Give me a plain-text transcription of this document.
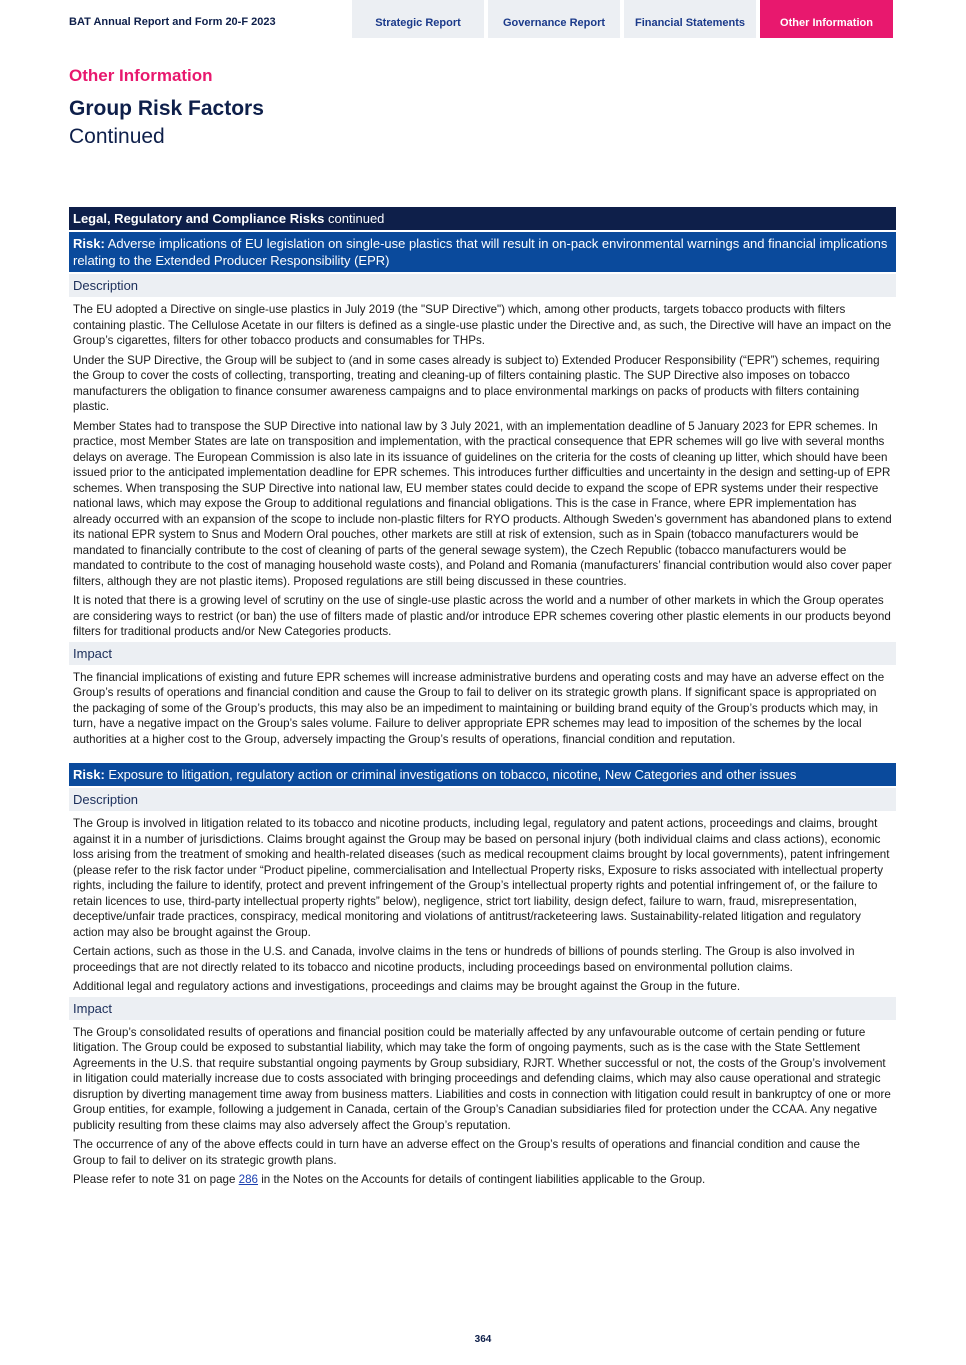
BAT Annual Report and Form 20-F 2023	Strategic Report	Governance Report	Financial Statements	Other Information
Other Information
Group Risk Factors
Continued
Legal, Regulatory and Compliance Risks continued
Risk: Adverse implications of EU legislation on single-use plastics that will result in on-pack environmental warnings and financial implications relating to the Extended Producer Responsibility (EPR)
Description

The EU adopted a Directive on single-use plastics in July 2019 (the "SUP Directive") which, among other products, targets tobacco products with filters containing plastic. The Cellulose Acetate in our filters is defined as a single-use plastic under the Directive and, as such, the Directive will have an impact on the Group’s cigarettes, filters for other tobacco products and consumables for THPs.

Under the SUP Directive, the Group will be subject to (and in some cases already is subject to) Extended Producer Responsibility (“EPR”) schemes, requiring the Group to cover the costs of collecting, transporting, treating and cleaning-up of filters containing plastic. The SUP Directive also imposes on tobacco manufacturers the obligation to finance consumer awareness campaigns and to place environmental markings on packs of products with filters containing plastic.

Member States had to transpose the SUP Directive into national law by 3 July 2021, with an implementation deadline of 5 January 2023 for EPR schemes. In practice, most Member States are late on transposition and implementation, with the practical consequence that EPR schemes will go live with several months delays on average. The European Commission is also late in its issuance of guidelines on the criteria for the costs of cleaning up litter, which should have been issued prior to the anticipated implementation deadline for EPR schemes. This introduces further difficulties and uncertainty in the design and setting-up of EPR schemes. When transposing the SUP Directive into national law, EU member states could decide to expand the scope of EPR systems under their respective national laws, which may expose the Group to additional regulations and financial obligations. This is the case in France, where EPR implementation has already occurred with an expansion of the scope to include non-plastic filters for RYO products. Although Sweden’s government has abandoned plans to extend its national EPR system to Snus and Modern Oral pouches, other markets are still at risk of extension, such as in Spain (tobacco manufacturers would be mandated to financially contribute to the cost of cleaning of parts of the general sewage system), the Czech Republic (tobacco manufacturers would be mandated to contribute to the cost of managing household waste costs), and Poland and Romania (manufacturers’ financial contribution would also cover paper filters, although they are not plastic items). Proposed regulations are still being discussed in these countries.

It is noted that there is a growing level of scrutiny on the use of single-use plastic across the world and a number of other markets in which the Group operates are considering ways to restrict (or ban) the use of filters made of plastic and/or introduce EPR schemes covering other plastic elements in our products beyond filters for traditional products and/or New Categories products.

Impact

The financial implications of existing and future EPR schemes will increase administrative burdens and operating costs and may have an adverse effect on the Group’s results of operations and financial condition and cause the Group to fail to deliver on its strategic growth plans. If significant space is appropriated on the packaging of some of the Group’s products, this may also be an impediment to maintaining or building brand equity of the Group’s products which may, in turn, have a negative impact on the Group’s sales volume. Failure to deliver appropriate EPR schemes may lead to imposition of the schemes by the local authorities at a higher cost to the Group, adversely impacting the Group’s results of operations, financial condition and reputation.

Risk: Exposure to litigation, regulatory action or criminal investigations on tobacco, nicotine, New Categories and other issues
Description

The Group is involved in litigation related to its tobacco and nicotine products, including legal, regulatory and patent actions, proceedings and claims, brought against it in a number of jurisdictions. Claims brought against the Group may be based on personal injury (both individual claims and class actions), economic loss arising from the treatment of smoking and health-related diseases (such as medical recoupment claims brought by local governments), patent infringement (please refer to the risk factor under “Product pipeline, commercialisation and Intellectual Property risks, Exposure to risks associated with intellectual property rights, including the failure to identify, protect and prevent infringement of the Group’s intellectual property rights and potential infringement of, or the failure to retain licences to use, third-party intellectual property rights” below), negligence, strict tort liability, design defect, failure to warn, fraud, misrepresentation, deceptive/unfair trade practices, conspiracy, medical monitoring and violations of antitrust/racketeering laws. Sustainability-related litigation and regulatory action may also be brought against the Group.

Certain actions, such as those in the U.S. and Canada, involve claims in the tens or hundreds of billions of pounds sterling. The Group is also involved in proceedings that are not directly related to its tobacco and nicotine products, including proceedings based on environmental pollution claims.

Additional legal and regulatory actions and investigations, proceedings and claims may be brought against the Group in the future.

Impact

The Group’s consolidated results of operations and financial position could be materially affected by any unfavourable outcome of certain pending or future litigation. The Group could be exposed to substantial liability, which may take the form of ongoing payments, such as is the case with the State Settlement Agreements in the U.S. that require substantial ongoing payments by Group subsidiary, RJRT. Whether successful or not, the costs of the Group’s involvement in litigation could materially increase due to costs associated with bringing proceedings and defending claims, which may also cause operational and strategic disruption by diverting management time away from business matters. Liabilities and costs in connection with litigation could result in bankruptcy of one or more Group entities, for example, following a judgement in Canada, certain of the Group’s Canadian subsidiaries filed for protection under the CCAA. Any negative publicity resulting from these claims may also adversely affect the Group’s reputation.

The occurrence of any of the above effects could in turn have an adverse effect on the Group’s results of operations and financial condition and cause the Group to fail to deliver on its strategic growth plans.

Please refer to note 31 on page 286 in the Notes on the Accounts for details of contingent liabilities applicable to the Group.

364
